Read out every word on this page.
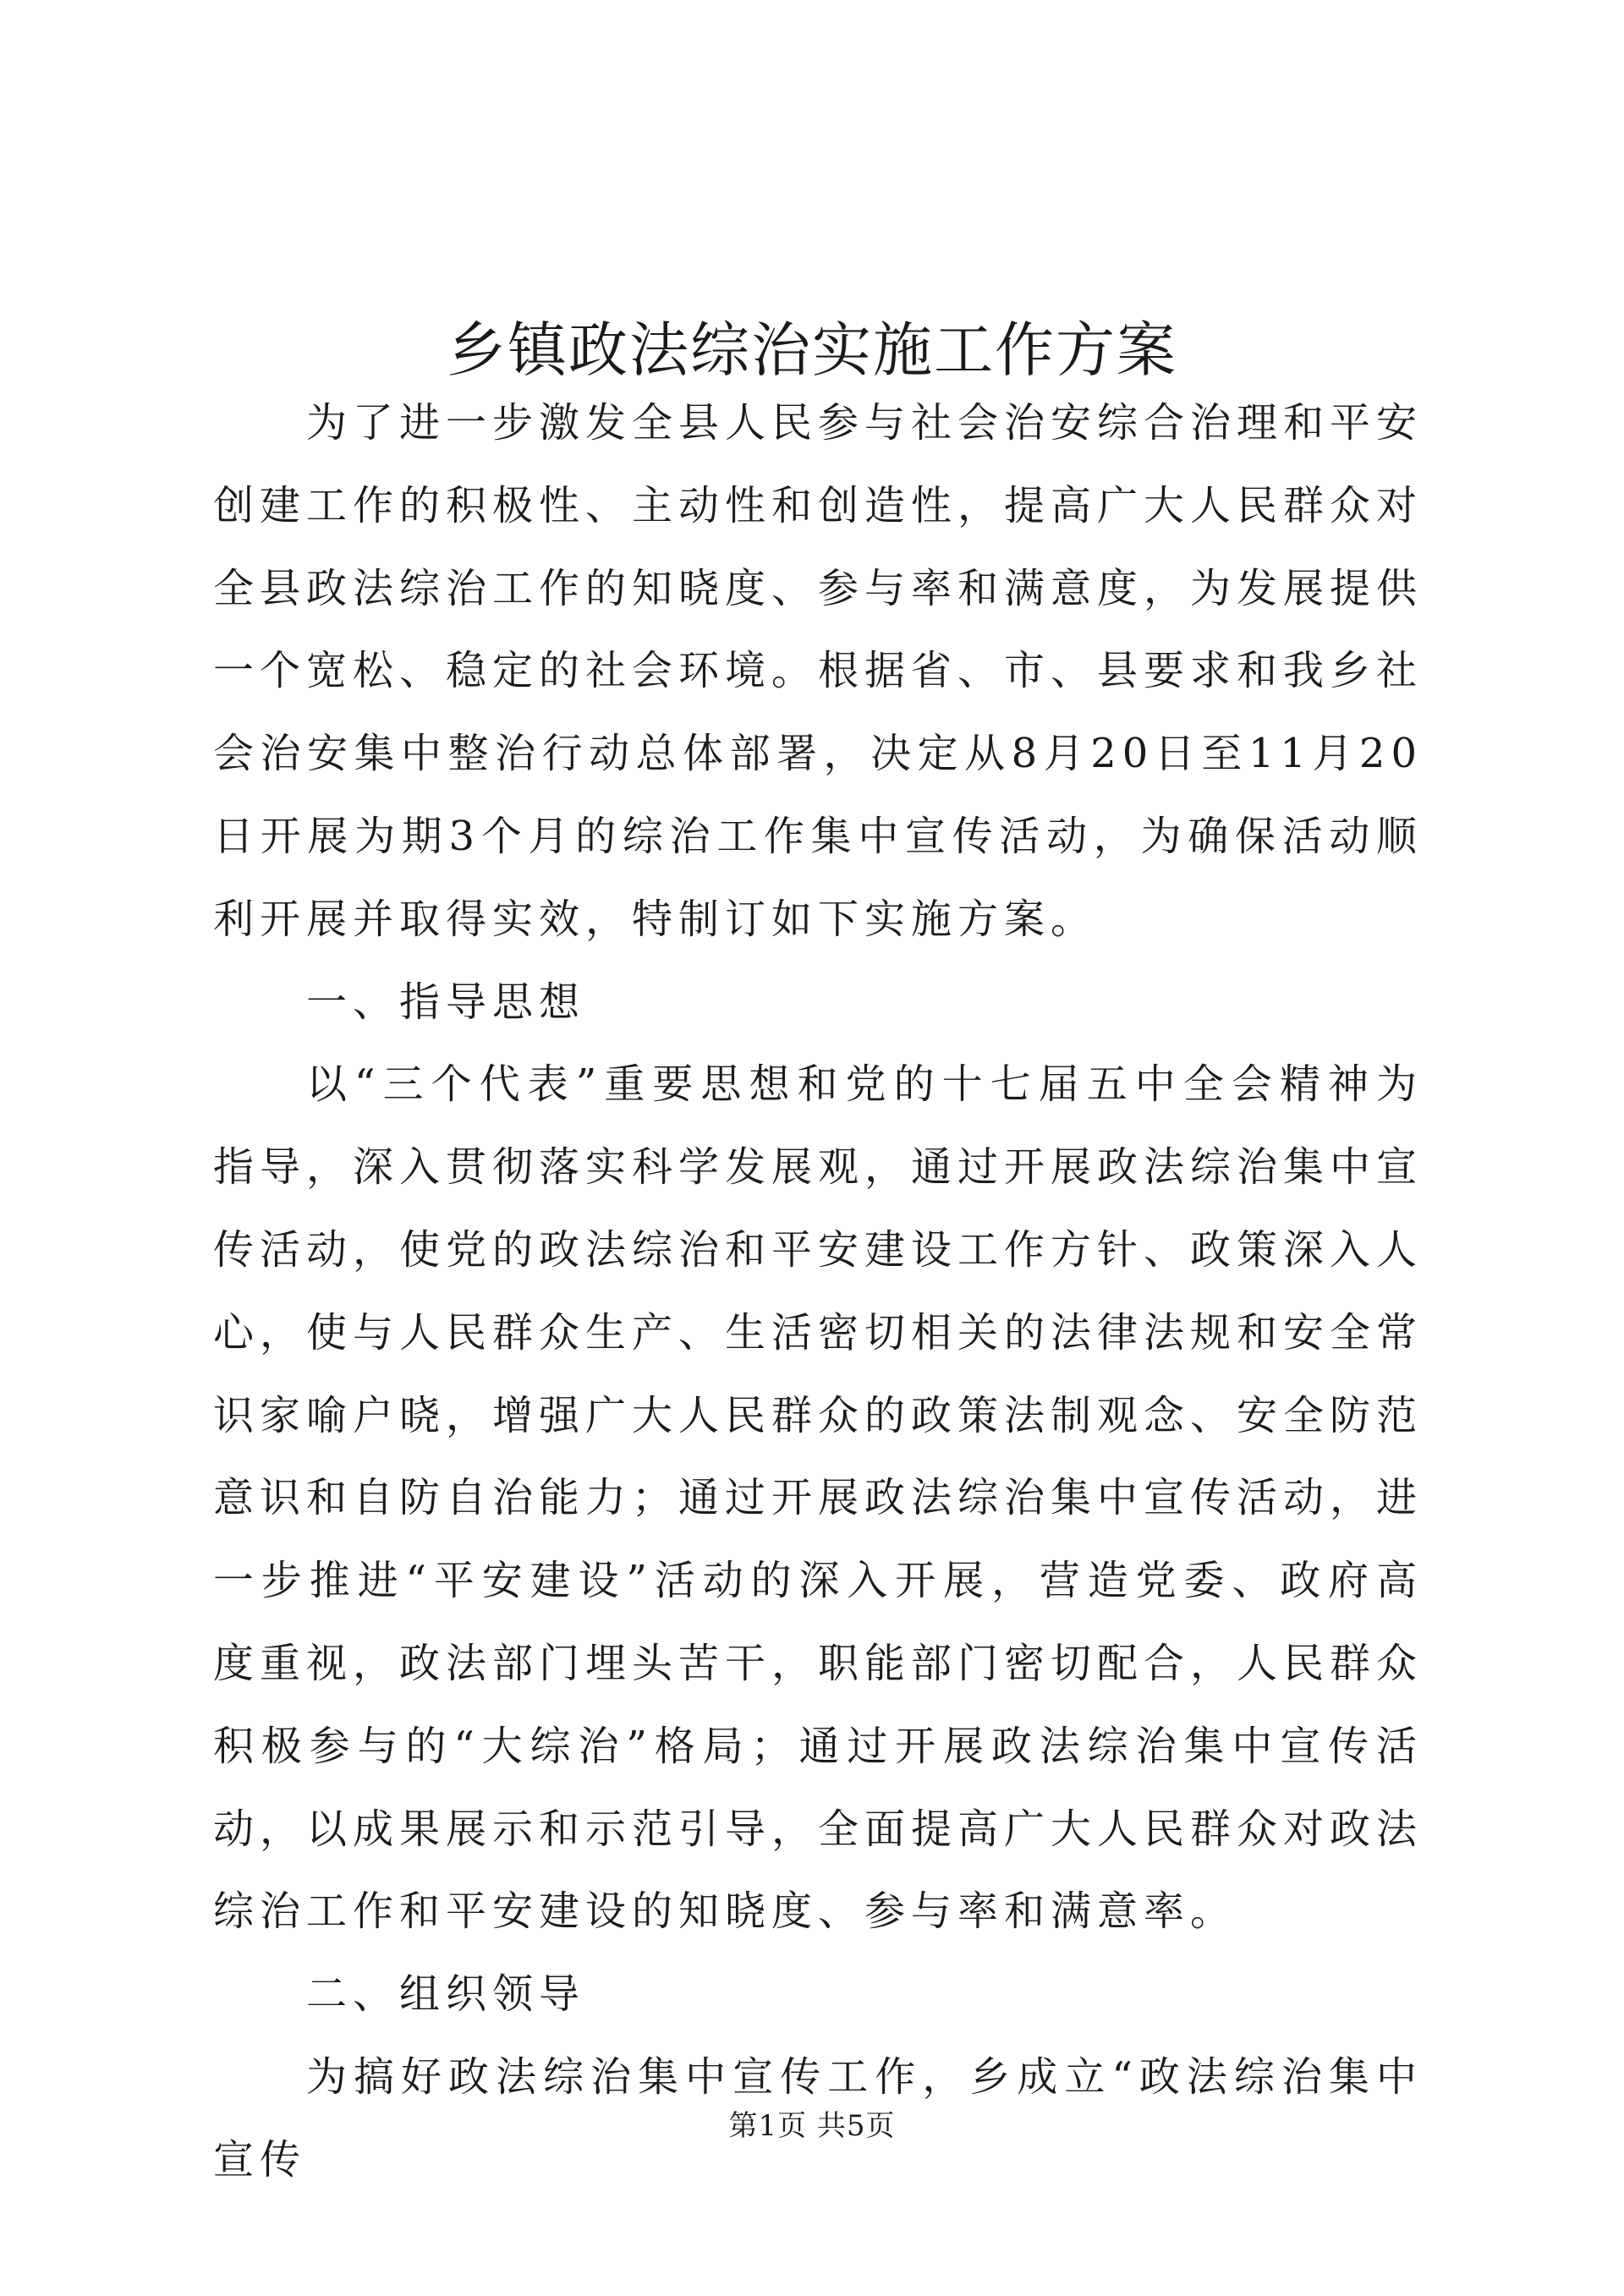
乡镇政法综治实施工作方案

为了进一步激发全县人民参与社会治安综合治理和平安创建工作的积极性、主动性和创造性，提高广大人民群众对全县政法综治工作的知晓度、参与率和满意度，为发展提供一个宽松、稳定的社会环境。根据省、市、县要求和我乡社会治安集中整治行动总体部署，决定从8月20日至11月20日开展为期3个月的综治工作集中宣传活动，为确保活动顺利开展并取得实效，特制订如下实施方案。

一、指导思想

以“三个代表”重要思想和党的十七届五中全会精神为指导，深入贯彻落实科学发展观，通过开展政法综治集中宣传活动，使党的政法综治和平安建设工作方针、政策深入人心，使与人民群众生产、生活密切相关的法律法规和安全常识家喻户晓，增强广大人民群众的政策法制观念、安全防范意识和自防自治能力；通过开展政法综治集中宣传活动，进一步推进“平安建设”活动的深入开展，营造党委、政府高度重视，政法部门埋头苦干，职能部门密切配合，人民群众积极参与的“大综治”格局；通过开展政法综治集中宣传活动，以成果展示和示范引导，全面提高广大人民群众对政法综治工作和平安建设的知晓度、参与率和满意率。

二、组织领导

为搞好政法综治集中宣传工作，乡成立“政法综治集中宣传

第1页 共5页
